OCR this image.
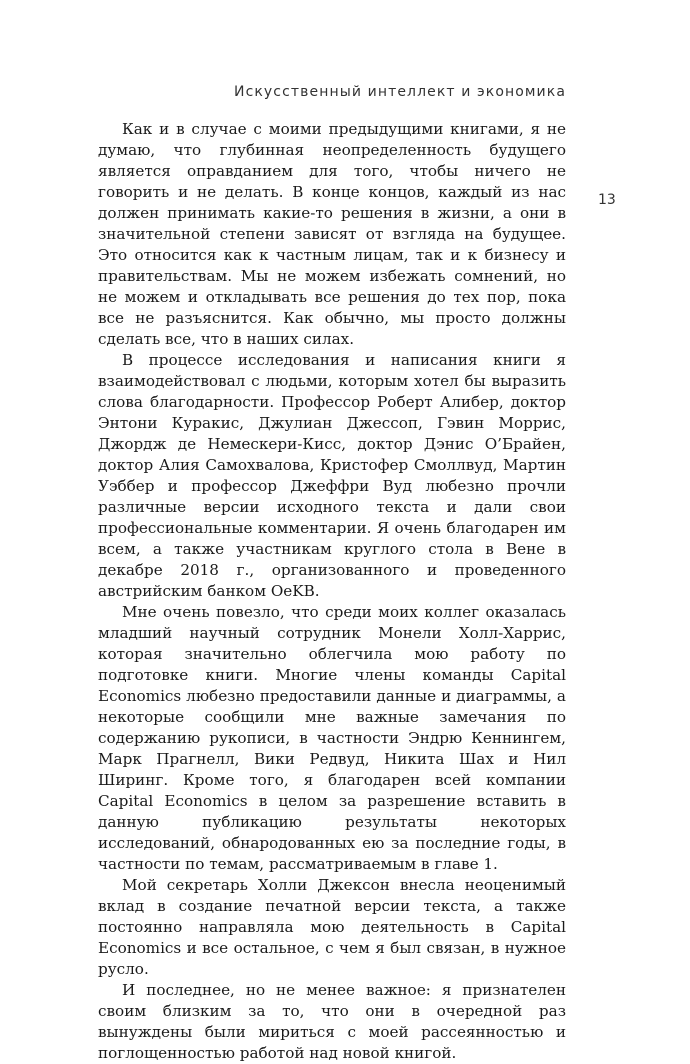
Искусственный интеллект и экономика
13

Как и в случае с моими предыдущими книгами, я не думаю, что глубинная неопределенность будущего является оправданием для того, чтобы ничего не говорить и не делать. В конце концов, каждый из нас должен принимать какие-то решения в жизни, а они в значительной степени зависят от взгляда на будущее. Это относится как к частным лицам, так и к бизнесу и правительствам. Мы не можем избежать сомнений, но не можем и откладывать все решения до тех пор, пока все не разъяснится. Как обычно, мы просто должны сделать все, что в наших силах.

В процессе исследования и написания книги я взаимодействовал с людьми, которым хотел бы выразить слова благодарности. Профессор Роберт Алибер, доктор Энтони Куракис, Джулиан Джессоп, Гэвин Моррис, Джордж де Немескери-Кисс, доктор Дэнис О’Брайен, доктор Алия Самохвалова, Кристофер Смоллвуд, Мартин Уэббер и профессор Джеффри Вуд любезно прочли различные версии исходного текста и дали свои профессиональные комментарии. Я очень благодарен им всем, а также участникам круглого стола в Вене в декабре 2018 г., организованного и проведенного австрийским банком OeKB.

Мне очень повезло, что среди моих коллег оказалась младший научный сотрудник Монели Холл-Харрис, которая значительно облегчила мою работу по подготовке книги. Многие члены команды Capital Economics любезно предоставили данные и диаграммы, а некоторые сообщили мне важные замечания по содержанию рукописи, в частности Эндрю Кеннингем, Марк Прагнелл, Вики Редвуд, Никита Шах и Нил Ширинг. Кроме того, я благодарен всей компании Capital Economics в целом за разрешение вставить в данную публикацию результаты некоторых исследований, обнародованных ею за последние годы, в частности по темам, рассматриваемым в главе 1.

Мой секретарь Холли Джексон внесла неоценимый вклад в создание печатной версии текста, а также постоянно направляла мою деятельность в Capital Economics и все остальное, с чем я был связан, в нужное русло.

И последнее, но не менее важное: я признателен своим близким за то, что они в очередной раз вынуждены были мириться с моей рассеянностью и поглощенностью работой над новой книгой.
